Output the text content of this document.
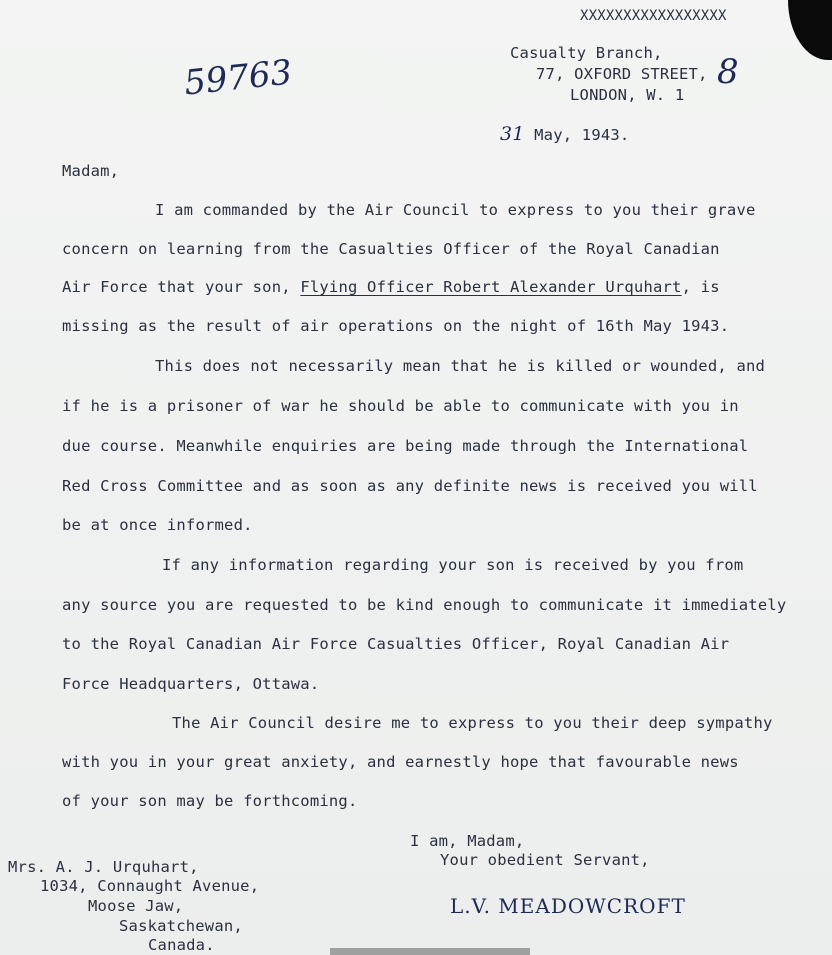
XXXXXXXXXXXXXXXXX
59763	8
Casualty Branch,
77, OXFORD STREET,
LONDON, W. 1
31 May, 1943.
Madam,
I am commanded by the Air Council to express to you their grave
concern on learning from the Casualties Officer of the Royal Canadian
Air Force that your son, Flying Officer Robert Alexander Urquhart, is
missing as the result of air operations on the night of 16th May 1943.
This does not necessarily mean that he is killed or wounded, and
if he is a prisoner of war he should be able to communicate with you in
due course. Meanwhile enquiries are being made through the International
Red Cross Committee and as soon as any definite news is received you will
be at once informed.
If any information regarding your son is received by you from
any source you are requested to be kind enough to communicate it immediately
to the Royal Canadian Air Force Casualties Officer, Royal Canadian Air
Force Headquarters, Ottawa.
The Air Council desire me to express to you their deep sympathy
with you in your great anxiety, and earnestly hope that favourable news
of your son may be forthcoming.
I am, Madam,
Your obedient Servant,
L.V. MEADOWCROFT
Mrs. A. J. Urquhart,
1034, Connaught Avenue,
Moose Jaw,
Saskatchewan,
Canada.
